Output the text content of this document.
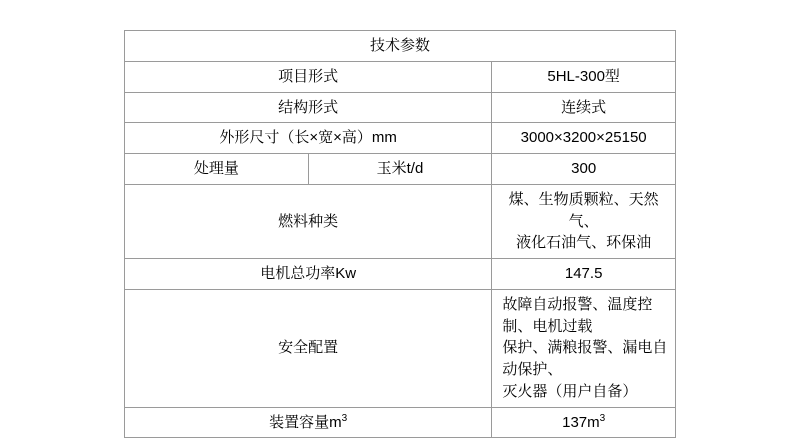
技术参数		
项目形式		5HL-300型
结构形式		连续式
外形尺寸（长×宽×高）mm		3000×3200×25150
处理量	玉米t/d	300
燃料种类		煤、生物质颗粒、天然气、
液化石油气、环保油

电机总功率Kw		147.5
安全配置		故障自动报警、温度控制、电机过载
保护、满粮报警、漏电自动保护、
灭火器（用户自备）

装置容量$m^3$		$137m^3$
